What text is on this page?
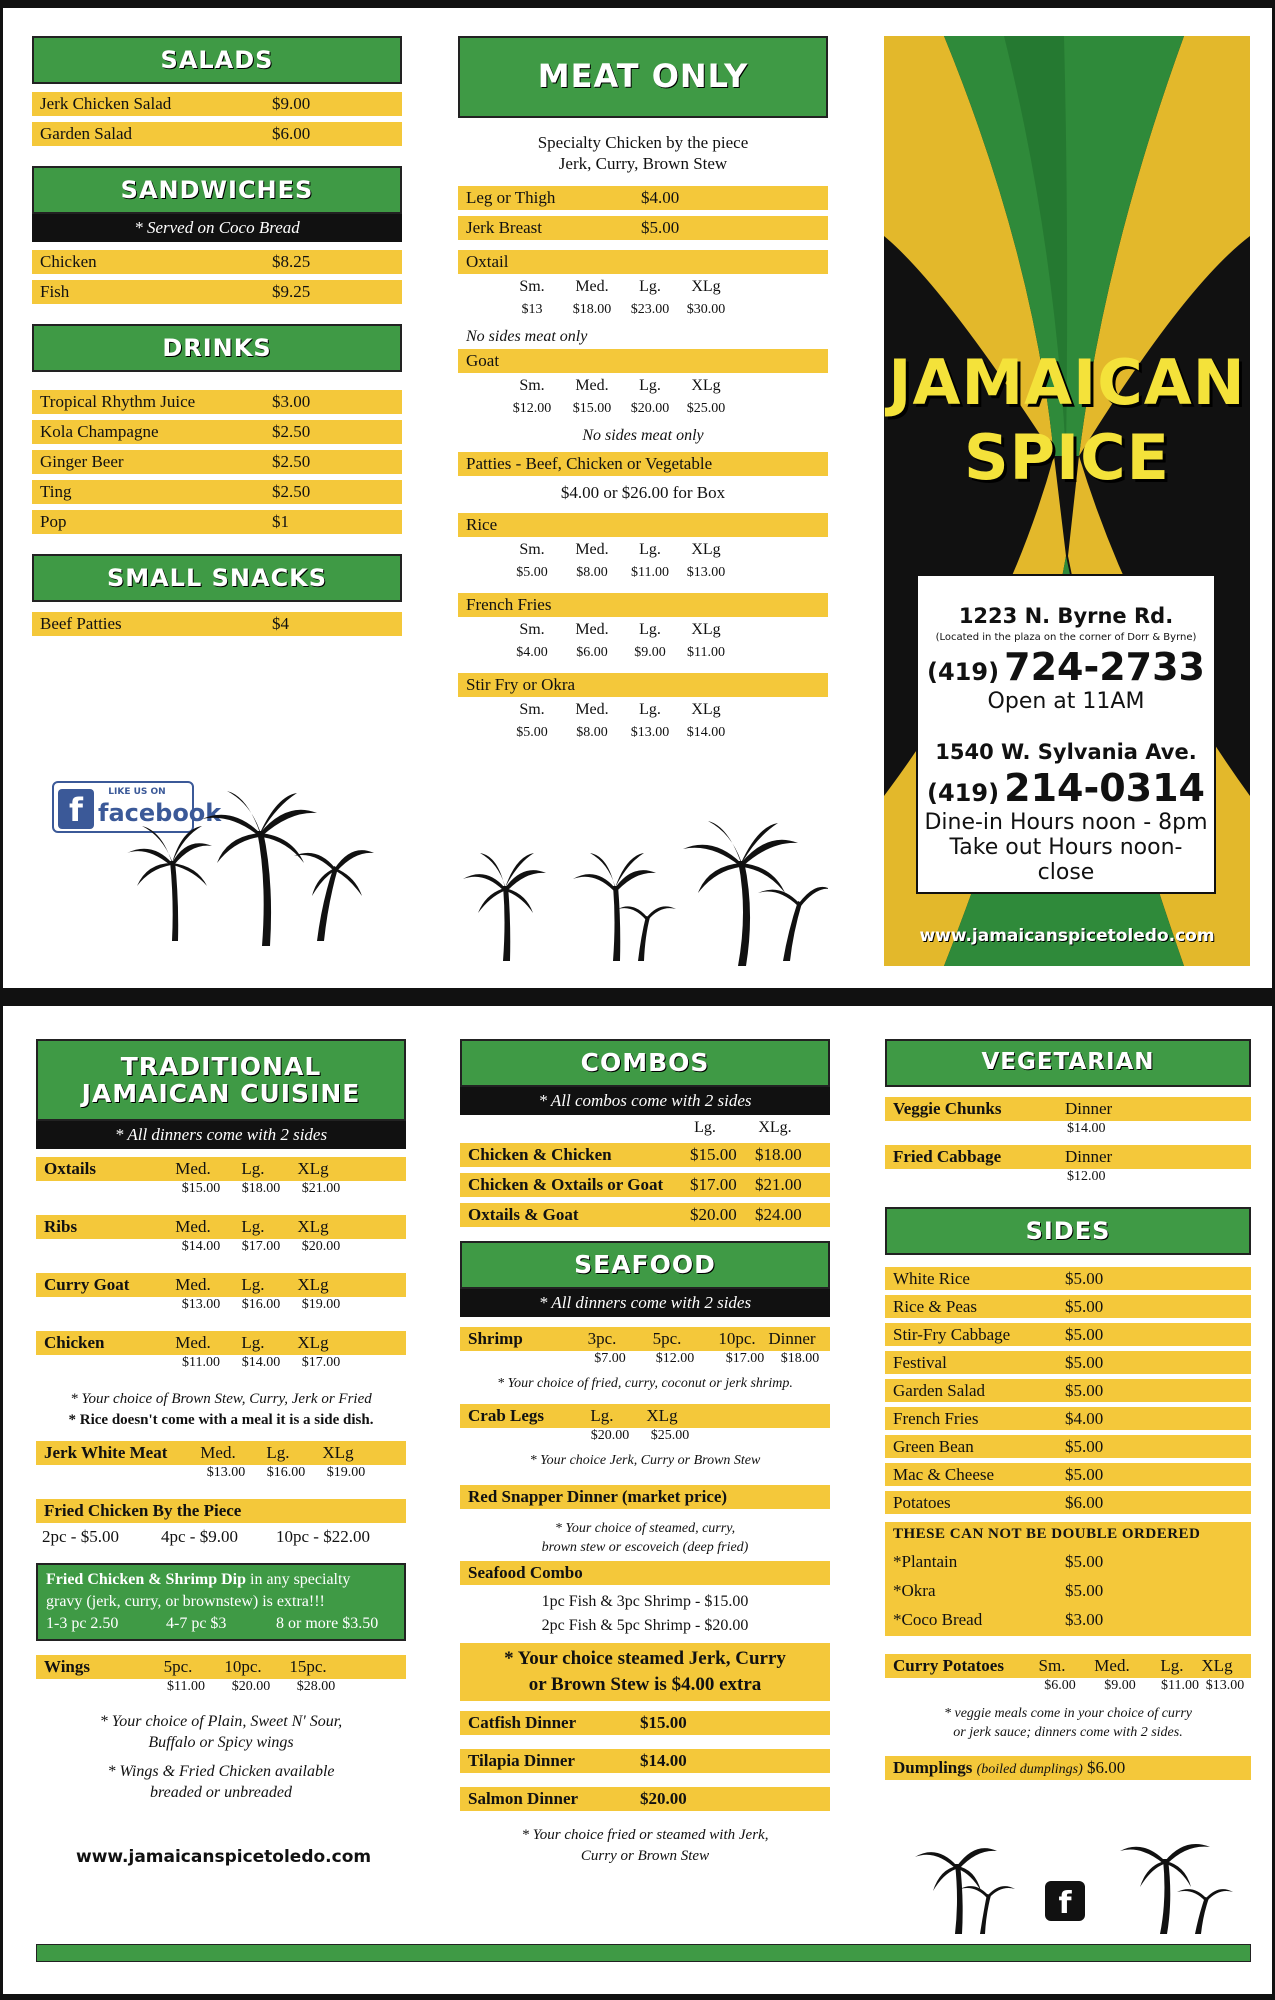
SALADS
Jerk Chicken Salad	$9.00
Garden Salad	$6.00
SANDWICHES
* Served on Coco Bread
Chicken	$8.25
Fish	$9.25
DRINKS
Tropical Rhythm Juice	$3.00
Kola Champagne	$2.50
Ginger Beer	$2.50
Ting	$2.50
Pop	$1
SMALL SNACKS
Beef Patties	$4
f	LIKE US ON
facebook
MEAT ONLY
Specialty Chicken by the piece
Jerk, Curry, Brown Stew
Leg or Thigh	$4.00
Jerk Breast	$5.00
Oxtail
Sm.	Med.	Lg.	XLg
$13	$18.00	$23.00	$30.00
No sides meat only
Goat
Sm.	Med.	Lg.	XLg
$12.00	$15.00	$20.00	$25.00
No sides meat only
Patties - Beef, Chicken or Vegetable
$4.00 or $26.00 for Box
Rice
Sm.	Med.	Lg.	XLg
$5.00	$8.00	$11.00	$13.00
French Fries
Sm.	Med.	Lg.	XLg
$4.00	$6.00	$9.00	$11.00
Stir Fry or Okra
Sm.	Med.	Lg.	XLg
$5.00	$8.00	$13.00	$14.00
JAMAICAN
SPICE
1223 N. Byrne Rd.
(Located in the plaza on the corner of Dorr & Byrne)
(419) 724-2733
Open at 11AM
1540 W. Sylvania Ave.
(419) 214-0314
Dine-in Hours noon - 8pm
Take out Hours noon- close
www.jamaicanspicetoledo.com
TRADITIONAL
JAMAICAN CUISINE
* All dinners come with 2 sides
Oxtails	Med.	Lg.	XLg
$15.00	$18.00	$21.00
Ribs	Med.	Lg.	XLg
$14.00	$17.00	$20.00
Curry Goat	Med.	Lg.	XLg
$13.00	$16.00	$19.00
Chicken	Med.	Lg.	XLg
$11.00	$14.00	$17.00
* Your choice of Brown Stew, Curry, Jerk or Fried
* Rice doesn't come with a meal it is a side dish.
Jerk White Meat	Med.	Lg.	XLg
$13.00	$16.00	$19.00
Fried Chicken By the Piece
2pc - $5.00 4pc - $9.00 10pc - $22.00
Fried Chicken & Shrimp Dip in any specialty
gravy (jerk, curry, or brownstew) is extra!!!
1-3 pc 2.50	4-7 pc $3	8 or more $3.50
Wings	5pc.	10pc.	15pc.
$11.00	$20.00	$28.00
* Your choice of Plain, Sweet N' Sour,
Buffalo or Spicy wings
* Wings & Fried Chicken available
breaded or unbreaded
www.jamaicanspicetoledo.com
COMBOS
* All combos come with 2 sides
Lg.	XLg.
Chicken & Chicken	$15.00 $18.00
Chicken & Oxtails or Goat $17.00 $21.00
Oxtails & Goat	$20.00 $24.00
SEAFOOD
* All dinners come with 2 sides
Shrimp	3pc.	5pc.	10pc. Dinner
$7.00	$12.00	$17.00	$18.00
* Your choice of fried, curry, coconut or jerk shrimp.
Crab Legs	Lg.	XLg
$20.00	$25.00
* Your choice Jerk, Curry or Brown Stew
Red Snapper Dinner (market price)
* Your choice of steamed, curry,
brown stew or escoveich (deep fried)
Seafood Combo
1pc Fish & 3pc Shrimp - $15.00
2pc Fish & 5pc Shrimp - $20.00
* Your choice steamed Jerk, Curry
or Brown Stew is $4.00 extra
Catfish Dinner	$15.00
Tilapia Dinner	$14.00
Salmon Dinner	$20.00
* Your choice fried or steamed with Jerk,
Curry or Brown Stew
VEGETARIAN
Veggie Chunks	Dinner
$14.00
Fried Cabbage	Dinner
$12.00
SIDES
White Rice	$5.00
Rice & Peas	$5.00
Stir-Fry Cabbage	$5.00
Festival	$5.00
Garden Salad	$5.00
French Fries	$4.00
Green Bean	$5.00
Mac & Cheese	$5.00
Potatoes	$6.00
THESE CAN NOT BE DOUBLE ORDERED
*Plantain	$5.00
*Okra	$5.00
*Coco Bread	$3.00
Curry Potatoes	Sm.	Med.	Lg.	XLg
$6.00	$9.00	$11.00 $13.00
* veggie meals come in your choice of curry
or jerk sauce; dinners come with 2 sides.
Dumplings (boiled dumplings) $6.00
f
